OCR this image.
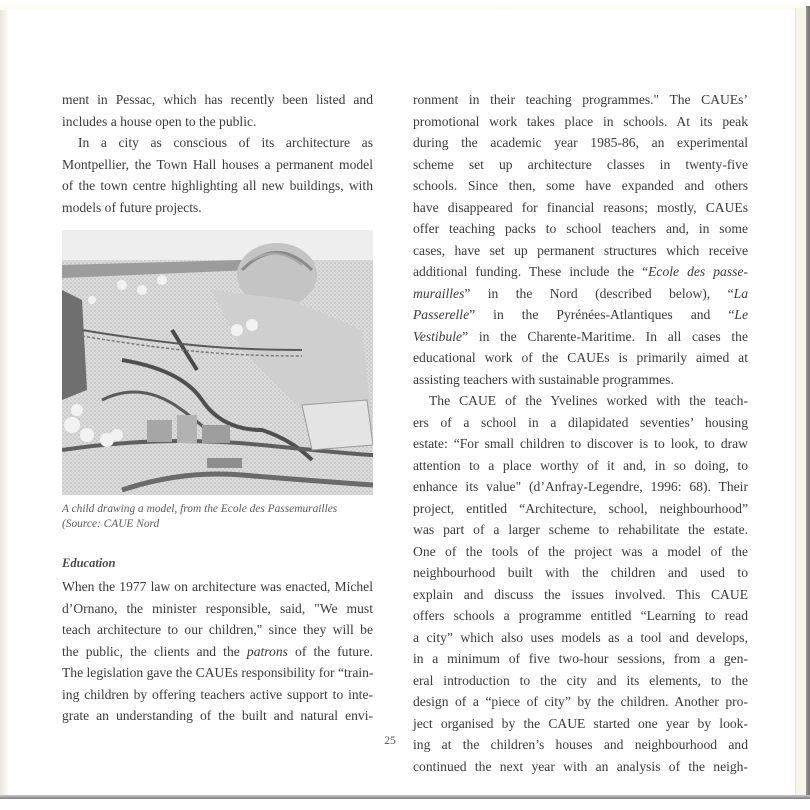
ment in Pessac, which has recently been listed and
includes a house open to the public.

In a city as conscious of its architecture as
Montpellier, the Town Hall houses a permanent model
of the town centre highlighting all new buildings, with
models of future projects.

A child drawing a model, from the Ecole des Passemurailles
(Source: CAUE Nord
Education
When the 1977 law on architecture was enacted, Michel
d’Ornano, the minister responsible, said, "We must
teach architecture to our children," since they will be
the public, the clients and the patrons of the future.
The legislation gave the CAUEs responsibility for “train-
ing children by offering teachers active support to inte-
grate an understanding of the built and natural envi-

ronment in their teaching programmes." The CAUEs’
promotional work takes place in schools. At its peak
during the academic year 1985-86, an experimental
scheme set up architecture classes in twenty-five
schools. Since then, some have expanded and others
have disappeared for financial reasons; mostly, CAUEs
offer teaching packs to school teachers and, in some
cases, have set up permanent structures which receive
additional funding. These include the “Ecole des passe-
murailles” in the Nord (described below), “La
Passerelle” in the Pyrénées-Atlantiques and “Le
Vestibule” in the Charente-Maritime. In all cases the
educational work of the CAUEs is primarily aimed at
assisting teachers with sustainable programmes.

The CAUE of the Yvelines worked with the teach-
ers of a school in a dilapidated seventies’ housing
estate: “For small children to discover is to look, to draw
attention to a place worthy of it and, in so doing, to
enhance its value" (d’Anfray-Legendre, 1996: 68). Their
project, entitled “Architecture, school, neighbourhood”
was part of a larger scheme to rehabilitate the estate.
One of the tools of the project was a model of the
neighbourhood built with the children and used to
explain and discuss the issues involved. This CAUE
offers schools a programme entitled “Learning to read
a city” which also uses models as a tool and develops,
in a minimum of five two-hour sessions, from a gen-
eral introduction to the city and its elements, to the
design of a “piece of city” by the children. Another pro-
ject organised by the CAUE started one year by look-
ing at the children’s houses and neighbourhood and
continued the next year with an analysis of the neigh-

25
